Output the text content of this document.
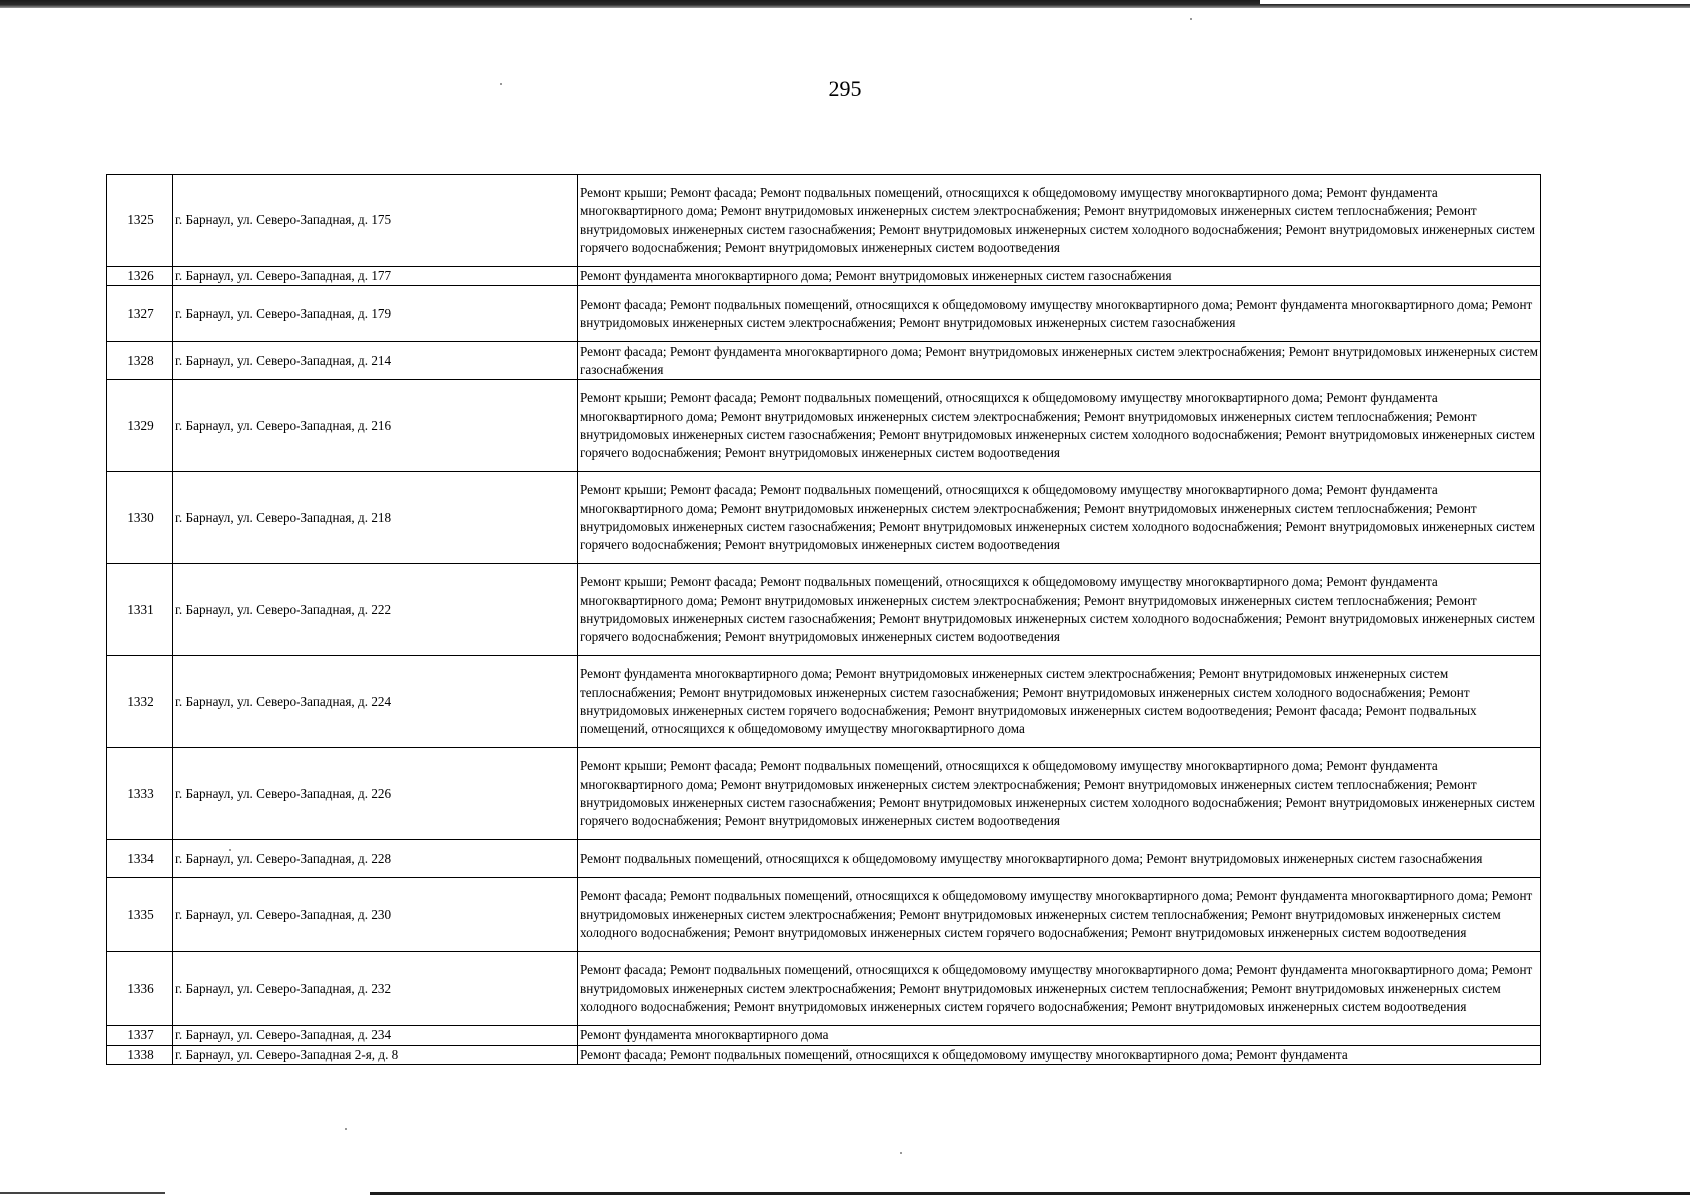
295
1325	г. Барнаул, ул. Северо-Западная, д. 175	Ремонт крыши; Ремонт фасада; Ремонт подвальных помещений, относящихся к общедомовому имуществу многоквартирного дома; Ремонт фундамента многоквартирного дома; Ремонт внутридомовых инженерных систем электроснабжения; Ремонт внутридомовых инженерных систем теплоснабжения; Ремонт внутридомовых инженерных систем газоснабжения; Ремонт внутридомовых инженерных систем холодного водоснабжения; Ремонт внутридомовых инженерных систем горячего водоснабжения; Ремонт внутридомовых инженерных систем водоотведения
1326	г. Барнаул, ул. Северо-Западная, д. 177	Ремонт фундамента многоквартирного дома; Ремонт внутридомовых инженерных систем газоснабжения
1327	г. Барнаул, ул. Северо-Западная, д. 179	Ремонт фасада; Ремонт подвальных помещений, относящихся к общедомовому имуществу многоквартирного дома; Ремонт фундамента многоквартирного дома; Ремонт внутридомовых инженерных систем электроснабжения; Ремонт внутридомовых инженерных систем газоснабжения
1328	г. Барнаул, ул. Северо-Западная, д. 214	Ремонт фасада; Ремонт фундамента многоквартирного дома; Ремонт внутридомовых инженерных систем электроснабжения; Ремонт внутридомовых инженерных систем газоснабжения
1329	г. Барнаул, ул. Северо-Западная, д. 216	Ремонт крыши; Ремонт фасада; Ремонт подвальных помещений, относящихся к общедомовому имуществу многоквартирного дома; Ремонт фундамента многоквартирного дома; Ремонт внутридомовых инженерных систем электроснабжения; Ремонт внутридомовых инженерных систем теплоснабжения; Ремонт внутридомовых инженерных систем газоснабжения; Ремонт внутридомовых инженерных систем холодного водоснабжения; Ремонт внутридомовых инженерных систем горячего водоснабжения; Ремонт внутридомовых инженерных систем водоотведения
1330	г. Барнаул, ул. Северо-Западная, д. 218	Ремонт крыши; Ремонт фасада; Ремонт подвальных помещений, относящихся к общедомовому имуществу многоквартирного дома; Ремонт фундамента многоквартирного дома; Ремонт внутридомовых инженерных систем электроснабжения; Ремонт внутридомовых инженерных систем теплоснабжения; Ремонт внутридомовых инженерных систем газоснабжения; Ремонт внутридомовых инженерных систем холодного водоснабжения; Ремонт внутридомовых инженерных систем горячего водоснабжения; Ремонт внутридомовых инженерных систем водоотведения
1331	г. Барнаул, ул. Северо-Западная, д. 222	Ремонт крыши; Ремонт фасада; Ремонт подвальных помещений, относящихся к общедомовому имуществу многоквартирного дома; Ремонт фундамента многоквартирного дома; Ремонт внутридомовых инженерных систем электроснабжения; Ремонт внутридомовых инженерных систем теплоснабжения; Ремонт внутридомовых инженерных систем газоснабжения; Ремонт внутридомовых инженерных систем холодного водоснабжения; Ремонт внутридомовых инженерных систем горячего водоснабжения; Ремонт внутридомовых инженерных систем водоотведения
1332	г. Барнаул, ул. Северо-Западная, д. 224	Ремонт фундамента многоквартирного дома; Ремонт внутридомовых инженерных систем электроснабжения; Ремонт внутридомовых инженерных систем теплоснабжения; Ремонт внутридомовых инженерных систем газоснабжения; Ремонт внутридомовых инженерных систем холодного водоснабжения; Ремонт внутридомовых инженерных систем горячего водоснабжения; Ремонт внутридомовых инженерных систем водоотведения; Ремонт фасада; Ремонт подвальных помещений, относящихся к общедомовому имуществу многоквартирного дома
1333	г. Барнаул, ул. Северо-Западная, д. 226	Ремонт крыши; Ремонт фасада; Ремонт подвальных помещений, относящихся к общедомовому имуществу многоквартирного дома; Ремонт фундамента многоквартирного дома; Ремонт внутридомовых инженерных систем электроснабжения; Ремонт внутридомовых инженерных систем теплоснабжения; Ремонт внутридомовых инженерных систем газоснабжения; Ремонт внутридомовых инженерных систем холодного водоснабжения; Ремонт внутридомовых инженерных систем горячего водоснабжения; Ремонт внутридомовых инженерных систем водоотведения
1334	г. Барнаул, ул. Северо-Западная, д. 228	Ремонт подвальных помещений, относящихся к общедомовому имуществу многоквартирного дома; Ремонт внутридомовых инженерных систем газоснабжения
1335	г. Барнаул, ул. Северо-Западная, д. 230	Ремонт фасада; Ремонт подвальных помещений, относящихся к общедомовому имуществу многоквартирного дома; Ремонт фундамента многоквартирного дома; Ремонт внутридомовых инженерных систем электроснабжения; Ремонт внутридомовых инженерных систем теплоснабжения; Ремонт внутридомовых инженерных систем холодного водоснабжения; Ремонт внутридомовых инженерных систем горячего водоснабжения; Ремонт внутридомовых инженерных систем водоотведения
1336	г. Барнаул, ул. Северо-Западная, д. 232	Ремонт фасада; Ремонт подвальных помещений, относящихся к общедомовому имуществу многоквартирного дома; Ремонт фундамента многоквартирного дома; Ремонт внутридомовых инженерных систем электроснабжения; Ремонт внутридомовых инженерных систем теплоснабжения; Ремонт внутридомовых инженерных систем холодного водоснабжения; Ремонт внутридомовых инженерных систем горячего водоснабжения; Ремонт внутридомовых инженерных систем водоотведения
1337	г. Барнаул, ул. Северо-Западная, д. 234	Ремонт фундамента многоквартирного дома
1338	г. Барнаул, ул. Северо-Западная 2-я, д. 8	Ремонт фасада; Ремонт подвальных помещений, относящихся к общедомовому имуществу многоквартирного дома; Ремонт фундамента
